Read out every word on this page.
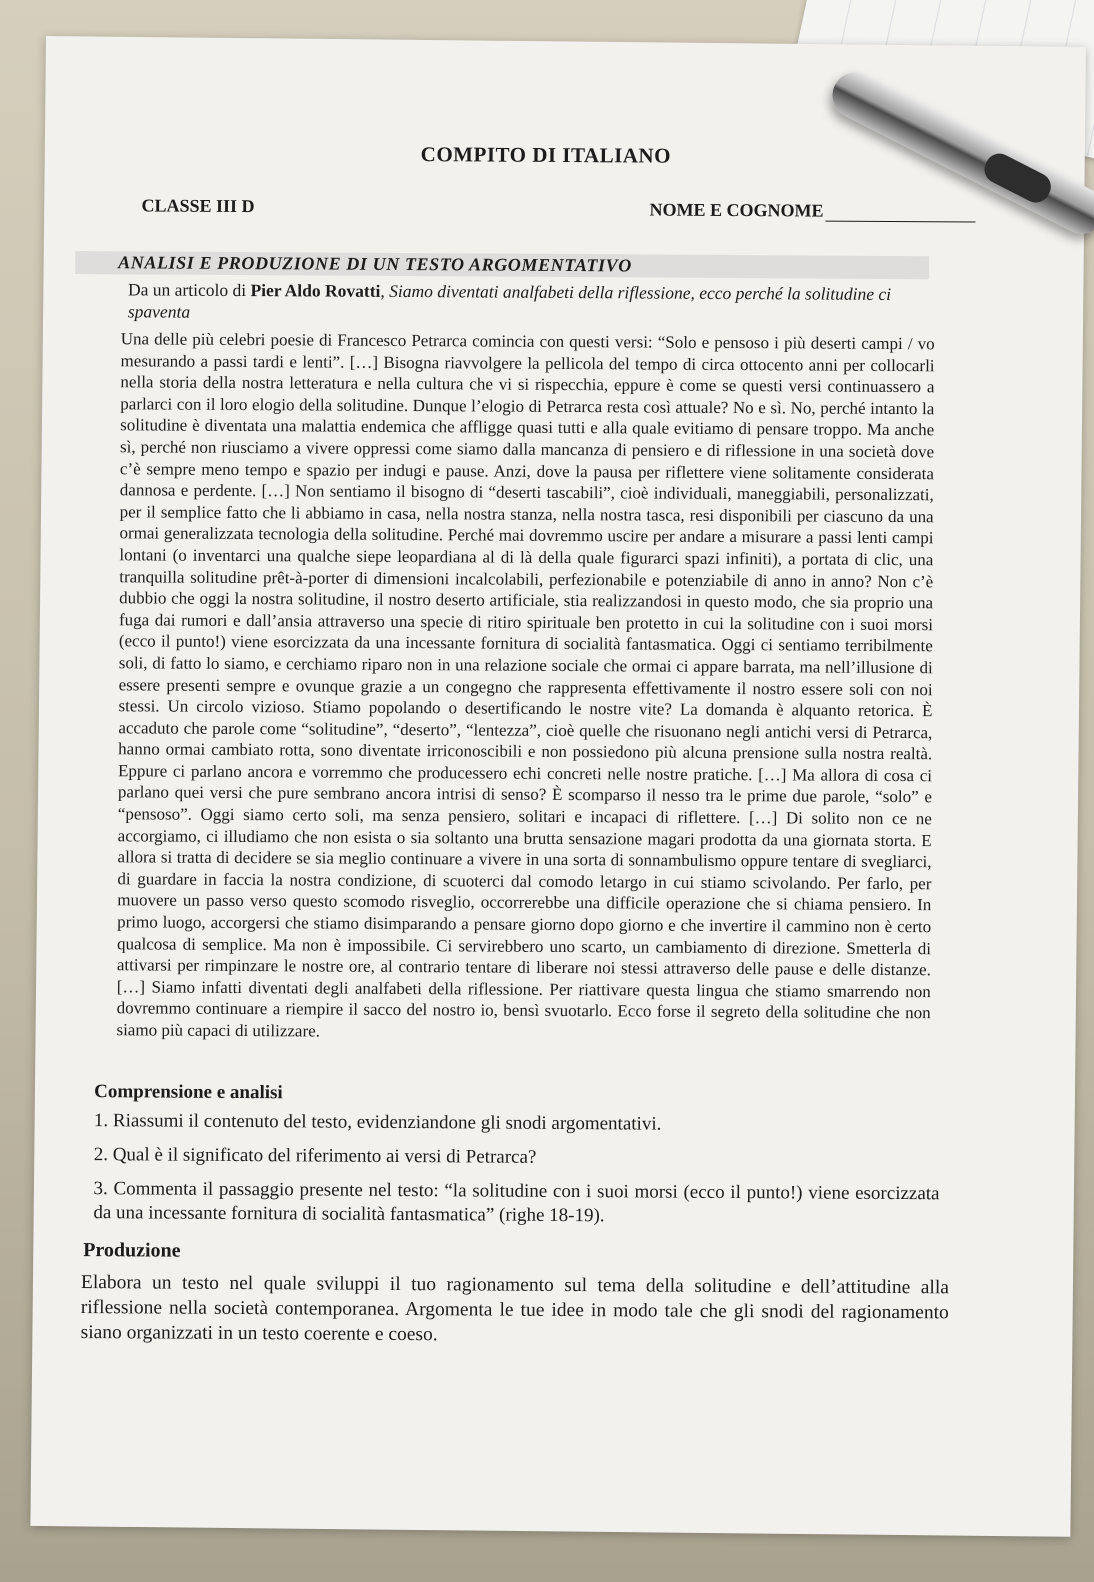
COMPITO DI ITALIANO
CLASSE III D	NOME E COGNOME
ANALISI E PRODUZIONE DI UN TESTO ARGOMENTATIVO
Da un articolo di Pier Aldo Rovatti, Siamo diventati analfabeti della riflessione, ecco perché la solitudine ci spaventa
Una delle più celebri poesie di Francesco Petrarca comincia con questi versi: “Solo e pensoso i più deserti campi / vo mesurando a passi tardi e lenti”. […] Bisogna riavvolgere la pellicola del tempo di circa ottocento anni per collocarli nella storia della nostra letteratura e nella cultura che vi si rispecchia, eppure è come se questi versi continuassero a parlarci con il loro elogio della solitudine. Dunque l’elogio di Petrarca resta così attuale? No e sì. No, perché intanto la solitudine è diventata una malattia endemica che affligge quasi tutti e alla quale evitiamo di pensare troppo. Ma anche sì, perché non riusciamo a vivere oppressi come siamo dalla mancanza di pensiero e di riflessione in una società dove c’è sempre meno tempo e spazio per indugi e pause. Anzi, dove la pausa per riflettere viene solitamente considerata dannosa e perdente. […] Non sentiamo il bisogno di “deserti tascabili”, cioè individuali, maneggiabili, personalizzati, per il semplice fatto che li abbiamo in casa, nella nostra stanza, nella nostra tasca, resi disponibili per ciascuno da una ormai generalizzata tecnologia della solitudine. Perché mai dovremmo uscire per andare a misurare a passi lenti campi lontani (o inventarci una qualche siepe leopardiana al di là della quale figurarci spazi infiniti), a portata di clic, una tranquilla solitudine prêt-à-porter di dimensioni incalcolabili, perfezionabile e potenziabile di anno in anno? Non c’è dubbio che oggi la nostra solitudine, il nostro deserto artificiale, stia realizzandosi in questo modo, che sia proprio una fuga dai rumori e dall’ansia attraverso una specie di ritiro spirituale ben protetto in cui la solitudine con i suoi morsi (ecco il punto!) viene esorcizzata da una incessante fornitura di socialità fantasmatica. Oggi ci sentiamo terribilmente soli, di fatto lo siamo, e cerchiamo riparo non in una relazione sociale che ormai ci appare barrata, ma nell’illusione di essere presenti sempre e ovunque grazie a un congegno che rappresenta effettivamente il nostro essere soli con noi stessi. Un circolo vizioso. Stiamo popolando o desertificando le nostre vite? La domanda è alquanto retorica. È accaduto che parole come “solitudine”, “deserto”, “lentezza”, cioè quelle che risuonano negli antichi versi di Petrarca, hanno ormai cambiato rotta, sono diventate irriconoscibili e non possiedono più alcuna prensione sulla nostra realtà. Eppure ci parlano ancora e vorremmo che producessero echi concreti nelle nostre pratiche. […] Ma allora di cosa ci parlano quei versi che pure sembrano ancora intrisi di senso? È scomparso il nesso tra le prime due parole, “solo” e “pensoso”. Oggi siamo certo soli, ma senza pensiero, solitari e incapaci di riflettere. […] Di solito non ce ne accorgiamo, ci illudiamo che non esista o sia soltanto una brutta sensazione magari prodotta da una giornata storta. E allora si tratta di decidere se sia meglio continuare a vivere in una sorta di sonnambulismo oppure tentare di svegliarci, di guardare in faccia la nostra condizione, di scuoterci dal comodo letargo in cui stiamo scivolando. Per farlo, per muovere un passo verso questo scomodo risveglio, occorrerebbe una difficile operazione che si chiama pensiero. In primo luogo, accorgersi che stiamo disimparando a pensare giorno dopo giorno e che invertire il cammino non è certo qualcosa di semplice. Ma non è impossibile. Ci servirebbero uno scarto, un cambiamento di direzione. Smetterla di attivarsi per rimpinzare le nostre ore, al contrario tentare di liberare noi stessi attraverso delle pause e delle distanze. […] Siamo infatti diventati degli analfabeti della riflessione. Per riattivare questa lingua che stiamo smarrendo non dovremmo continuare a riempire il sacco del nostro io, bensì svuotarlo. Ecco forse il segreto della solitudine che non siamo più capaci di utilizzare.
Comprensione e analisi
1. Riassumi il contenuto del testo, evidenziandone gli snodi argomentativi.
2. Qual è il significato del riferimento ai versi di Petrarca?
3. Commenta il passaggio presente nel testo: “la solitudine con i suoi morsi (ecco il punto!) viene esorcizzata da una incessante fornitura di socialità fantasmatica” (righe 18-19).
Produzione
Elabora un testo nel quale sviluppi il tuo ragionamento sul tema della solitudine e dell’attitudine alla riflessione nella società contemporanea. Argomenta le tue idee in modo tale che gli snodi del ragionamento siano organizzati in un testo coerente e coeso.
